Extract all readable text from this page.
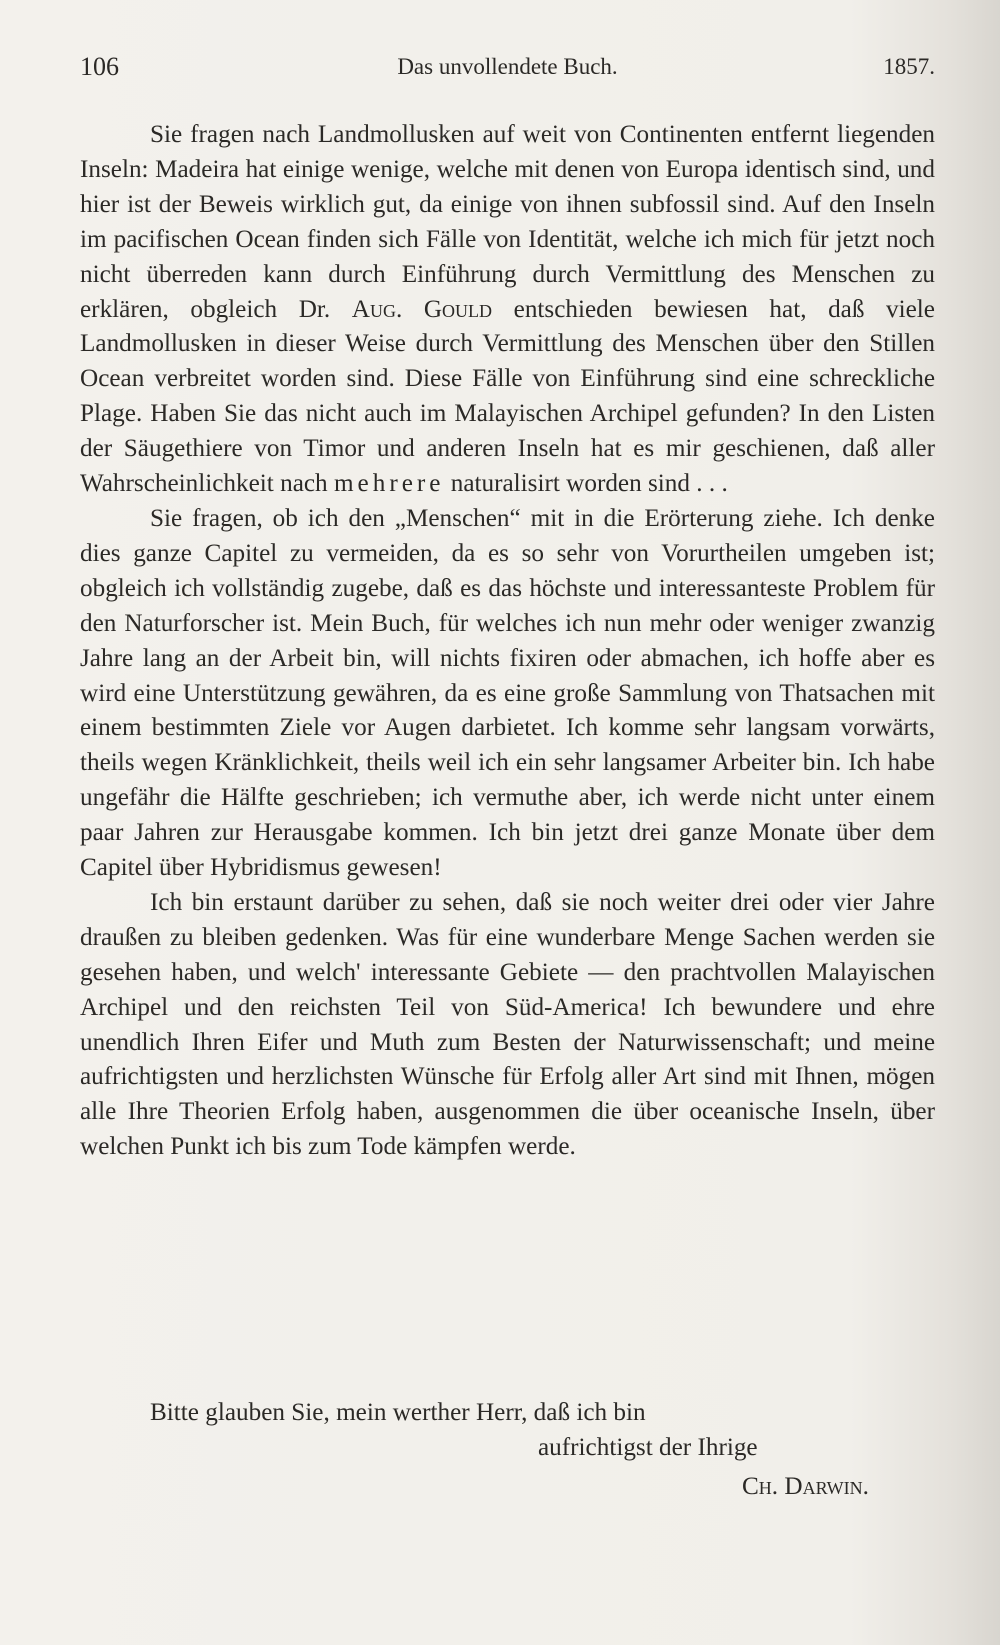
106	Das unvollendete Buch.	1857.

Sie fragen nach Landmollusken auf weit von Continenten entfernt liegenden Inseln: Madeira hat einige wenige, welche mit denen von Europa identisch sind, und hier ist der Beweis wirklich gut, da einige von ihnen subfossil sind. Auf den Inseln im pacifischen Ocean finden sich Fälle von Identität, welche ich mich für jetzt noch nicht überreden kann durch Einführung durch Vermittlung des Menschen zu erklären, obgleich Dr. Aug. Gould entschieden bewiesen hat, daß viele Landmollusken in dieser Weise durch Vermittlung des Menschen über den Stillen Ocean verbreitet worden sind. Diese Fälle von Einführung sind eine schreckliche Plage. Haben Sie das nicht auch im Malayischen Archipel gefunden? In den Listen der Säugethiere von Timor und anderen Inseln hat es mir geschienen, daß aller Wahrscheinlichkeit nach mehrere naturalisirt worden sind . . .

Sie fragen, ob ich den „Menschen“ mit in die Erörterung ziehe. Ich denke dies ganze Capitel zu vermeiden, da es so sehr von Vorurtheilen umgeben ist; obgleich ich vollständig zugebe, daß es das höchste und interessanteste Problem für den Naturforscher ist. Mein Buch, für welches ich nun mehr oder weniger zwanzig Jahre lang an der Arbeit bin, will nichts fixiren oder abmachen, ich hoffe aber es wird eine Unterstützung gewähren, da es eine große Sammlung von Thatsachen mit einem bestimmten Ziele vor Augen darbietet. Ich komme sehr langsam vorwärts, theils wegen Kränklichkeit, theils weil ich ein sehr langsamer Arbeiter bin. Ich habe ungefähr die Hälfte geschrieben; ich vermuthe aber, ich werde nicht unter einem paar Jahren zur Herausgabe kommen. Ich bin jetzt drei ganze Monate über dem Capitel über Hybridismus gewesen!

Ich bin erstaunt darüber zu sehen, daß sie noch weiter drei oder vier Jahre draußen zu bleiben gedenken. Was für eine wunderbare Menge Sachen werden sie gesehen haben, und welch' interessante Gebiete — den prachtvollen Malayischen Archipel und den reichsten Teil von Süd-America! Ich bewundere und ehre unendlich Ihren Eifer und Muth zum Besten der Naturwissenschaft; und meine aufrichtigsten und herzlichsten Wünsche für Erfolg aller Art sind mit Ihnen, mögen alle Ihre Theorien Erfolg haben, ausgenommen die über oceanische Inseln, über welchen Punkt ich bis zum Tode kämpfen werde.

Bitte glauben Sie, mein werther Herr, daß ich bin
aufrichtigst der Ihrige
Ch. Darwin.
